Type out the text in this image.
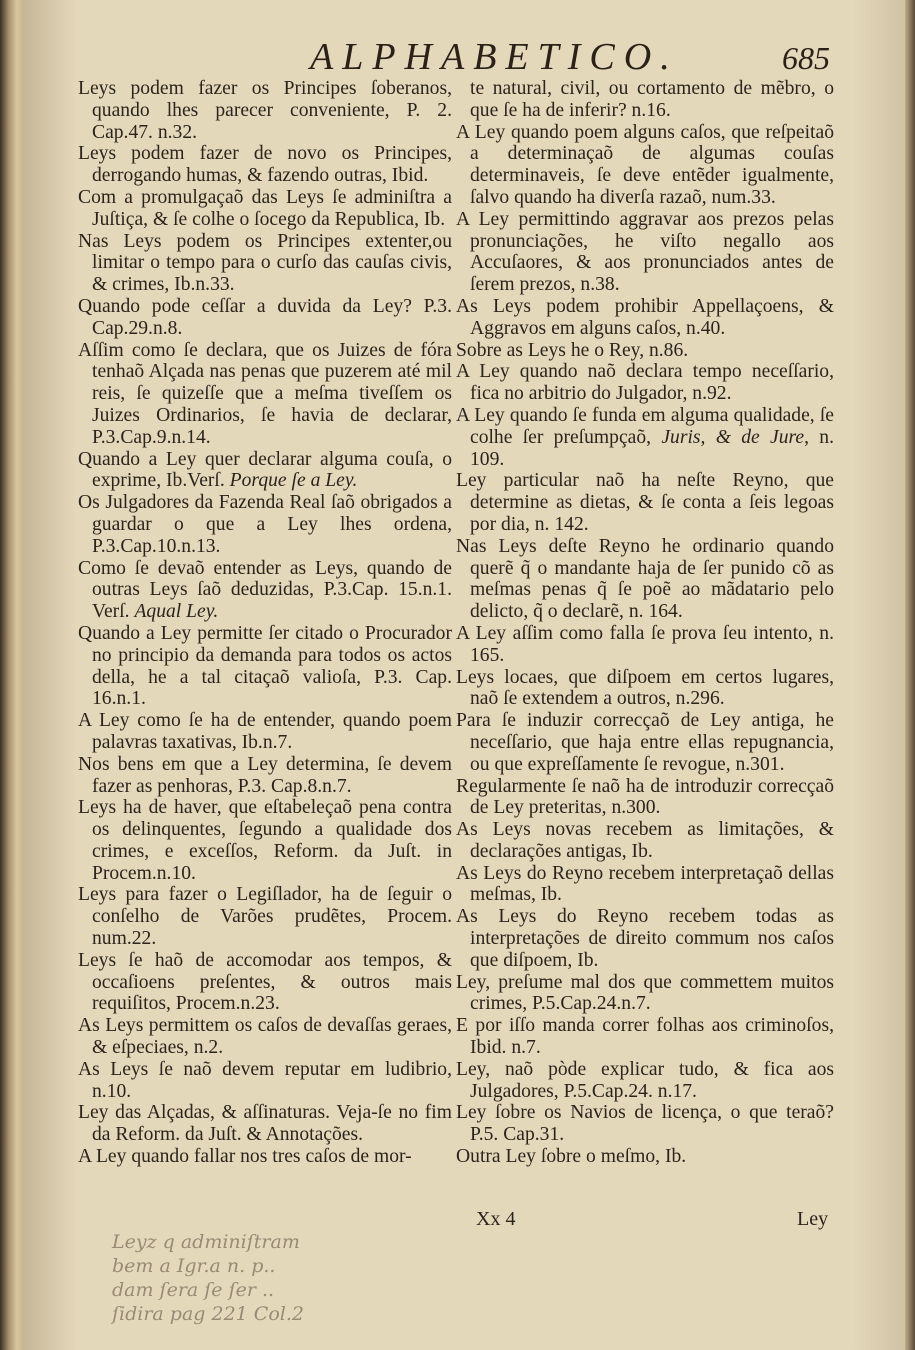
ALPHABETICO.	685

Leys podem fazer os Principes ſoberanos, quando lhes parecer conveniente, P. 2. Cap.47. n.32.

Leys podem fazer de novo os Principes, derrogando humas, & fazendo outras, Ibid.

Com a promulgaçaõ das Leys ſe adminiſtra a Juſtiça, & ſe colhe o ſocego da Republica, Ib.

Nas Leys podem os Principes extenter,ou limitar o tempo para o curſo das cauſas civis, & crimes, Ib.n.33.

Quando pode ceſſar a duvida da Ley? P.3. Cap.29.n.8.

Aſſim como ſe declara, que os Juizes de fóra tenhaõ Alçada nas penas que puzerem até mil reis, ſe quizeſſe que a meſma tiveſſem os Juizes Ordinarios, ſe havia de declarar, P.3.Cap.9.n.14.

Quando a Ley quer declarar alguma couſa, o exprime, Ib.Verſ. Porque ſe a Ley.

Os Julgadores da Fazenda Real ſaõ obrigados a guardar o que a Ley lhes ordena, P.3.Cap.10.n.13.

Como ſe devaõ entender as Leys, quando de outras Leys ſaõ deduzidas, P.3.Cap. 15.n.1. Verſ. Aqual Ley.

Quando a Ley permitte ſer citado o Procurador no principio da demanda para todos os actos della, he a tal citaçaõ valioſa, P.3. Cap. 16.n.1.

A Ley como ſe ha de entender, quando poem palavras taxativas, Ib.n.7.

Nos bens em que a Ley determina, ſe devem fazer as penhoras, P.3. Cap.8.n.7.

Leys ha de haver, que eſtabeleçaõ pena contra os delinquentes, ſegundo a qualidade dos crimes, e exceſſos, Reform. da Juſt. in Procem.n.10.

Leys para fazer o Legiſlador, ha de ſeguir o conſelho de Varões prudẽtes, Procem. num.22.

Leys ſe haõ de accomodar aos tempos, & occaſioens preſentes, & outros mais requiſitos, Procem.n.23.

As Leys permittem os caſos de devaſſas geraes, & eſpeciaes, n.2.

As Leys ſe naõ devem reputar em ludibrio, n.10.

Ley das Alçadas, & aſſinaturas. Veja-ſe no fim da Reform. da Juſt. & Annotações.

A Ley quando fallar nos tres caſos de mor-

te natural, civil, ou cortamento de mẽbro, o que ſe ha de inferir? n.16.

A Ley quando poem alguns caſos, que reſpeitaõ a determinaçaõ de algumas couſas determinaveis, ſe deve entẽder igualmente, ſalvo quando ha diverſa razaõ, num.33.

A Ley permittindo aggravar aos prezos pelas pronunciações, he viſto negallo aos Accuſaores, & aos pronunciados antes de ſerem prezos, n.38.

As Leys podem prohibir Appellaçoens, & Aggravos em alguns caſos, n.40.

Sobre as Leys he o Rey, n.86.

A Ley quando naõ declara tempo neceſſario, fica no arbitrio do Julgador, n.92.

A Ley quando ſe funda em alguma qualidade, ſe colhe ſer preſumpçaõ, Juris, & de Jure, n. 109.

Ley particular naõ ha neſte Reyno, que determine as dietas, & ſe conta a ſeis legoas por dia, n. 142.

Nas Leys deſte Reyno he ordinario quando querẽ q̃ o mandante haja de ſer punido cõ as meſmas penas q̃ ſe poẽ ao mãdatario pelo delicto, q̃ o declarẽ, n. 164.

A Ley aſſim como falla ſe prova ſeu intento, n. 165.

Leys locaes, que diſpoem em certos lugares, naõ ſe extendem a outros, n.296.

Para ſe induzir correcçaõ de Ley antiga, he neceſſario, que haja entre ellas repugnancia, ou que expreſſamente ſe revogue, n.301.

Regularmente ſe naõ ha de introduzir correcçaõ de Ley preteritas, n.300.

As Leys novas recebem as limitações, & declarações antigas, Ib.

As Leys do Reyno recebem interpretaçaõ dellas meſmas, Ib.

As Leys do Reyno recebem todas as interpretações de direito commum nos caſos que diſpoem, Ib.

Ley, preſume mal dos que commettem muitos crimes, P.5.Cap.24.n.7.

E por iſſo manda correr folhas aos criminoſos, Ibid. n.7.

Ley, naõ pòde explicar tudo, & fica aos Julgadores, P.5.Cap.24. n.17.

Ley ſobre os Navios de licença, o que teraõ? P.5. Cap.31.

Outra Ley ſobre o meſmo, Ib.

Xx 4	Ley
Leyz q adminiſtram
bem a Igr.a n. p..
dam ſera ſe ſer ..
ſidira pag 221 Col.2
